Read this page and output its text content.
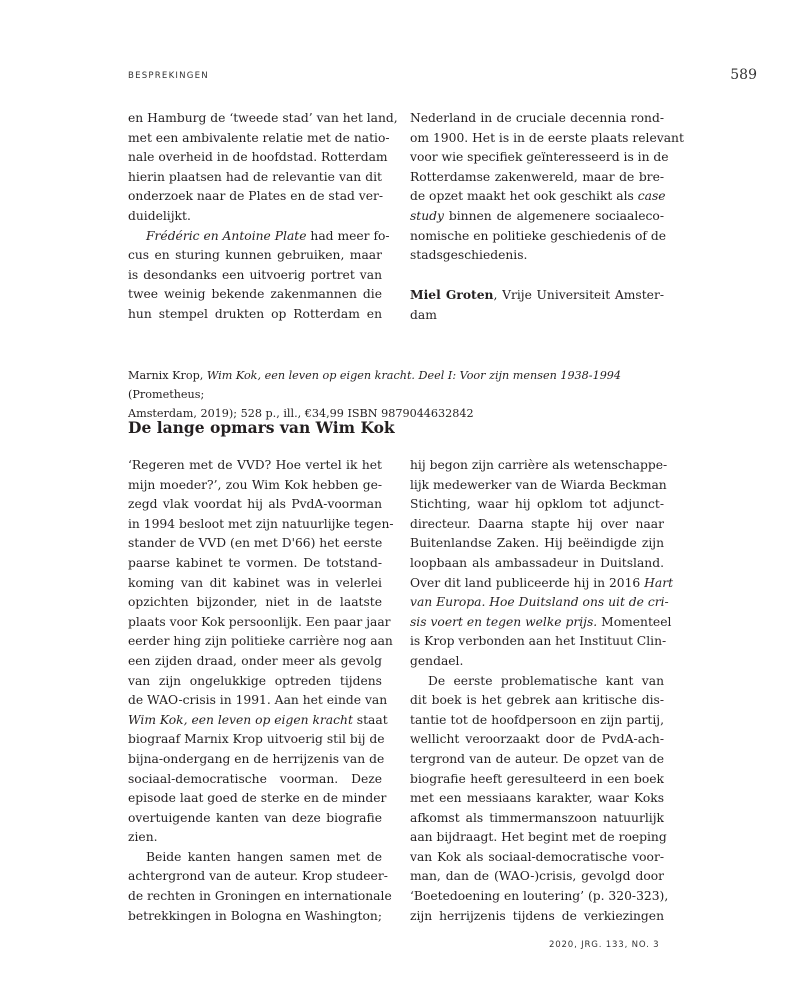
BESPREKINGEN	589
en Hamburg de ‘tweede stad’ van het land,
met een ambivalente relatie met de natio-
nale overheid in de hoofdstad. Rotterdam
hierin plaatsen had de relevantie van dit
onderzoek naar de Plates en de stad ver-
duidelijkt.
Frédéric en Antoine Plate had meer fo-
cus en sturing kunnen gebruiken, maar
is desondanks een uitvoerig portret van
twee weinig bekende zakenmannen die
hun stempel drukten op Rotterdam en
Nederland in de cruciale decennia rond-
om 1900. Het is in de eerste plaats relevant
voor wie specifiek geïnteresseerd is in de
Rotterdamse zakenwereld, maar de bre-
de opzet maakt het ook geschikt als case
study binnen de algemenere sociaaleco-
nomische en politieke geschiedenis of de
stadsgeschiedenis.
Miel Groten, Vrije Universiteit Amster-
dam
Marnix Krop, Wim Kok, een leven op eigen kracht. Deel I: Voor zijn mensen 1938-1994 (Prometheus;
Amsterdam, 2019); 528 p., ill., €34,99 ISBN 9879044632842
De lange opmars van Wim Kok
‘Regeren met de VVD? Hoe vertel ik het
mijn moeder?’, zou Wim Kok hebben ge-
zegd vlak voordat hij als PvdA-voorman
in 1994 besloot met zijn natuurlijke tegen-
stander de VVD (en met D'66) het eerste
paarse kabinet te vormen. De totstand-
koming van dit kabinet was in velerlei
opzichten bijzonder, niet in de laatste
plaats voor Kok persoonlijk. Een paar jaar
eerder hing zijn politieke carrière nog aan
een zijden draad, onder meer als gevolg
van zijn ongelukkige optreden tijdens
de WAO-crisis in 1991. Aan het einde van
Wim Kok, een leven op eigen kracht staat
biograaf Marnix Krop uitvoerig stil bij de
bijna-ondergang en de herrijzenis van de
sociaal-democratische voorman. Deze
episode laat goed de sterke en de minder
overtuigende kanten van deze biografie
zien.
Beide kanten hangen samen met de
achtergrond van de auteur. Krop studeer-
de rechten in Groningen en internationale
betrekkingen in Bologna en Washington;
hij begon zijn carrière als wetenschappe-
lijk medewerker van de Wiarda Beckman
Stichting, waar hij opklom tot adjunct-
directeur. Daarna stapte hij over naar
Buitenlandse Zaken. Hij beëindigde zijn
loopbaan als ambassadeur in Duitsland.
Over dit land publiceerde hij in 2016 Hart
van Europa. Hoe Duitsland ons uit de cri-
sis voert en tegen welke prijs. Momenteel
is Krop verbonden aan het Instituut Clin-
gendael.
De eerste problematische kant van
dit boek is het gebrek aan kritische dis-
tantie tot de hoofdpersoon en zijn partij,
wellicht veroorzaakt door de PvdA-ach-
tergrond van de auteur. De opzet van de
biografie heeft geresulteerd in een boek
met een messiaans karakter, waar Koks
afkomst als timmermanszoon natuurlijk
aan bijdraagt. Het begint met de roeping
van Kok als sociaal-democratische voor-
man, dan de (WAO-)crisis, gevolgd door
‘Boetedoening en loutering’ (p. 320-323),
zijn herrijzenis tijdens de verkiezingen
2020, JRG. 133, NO. 3
